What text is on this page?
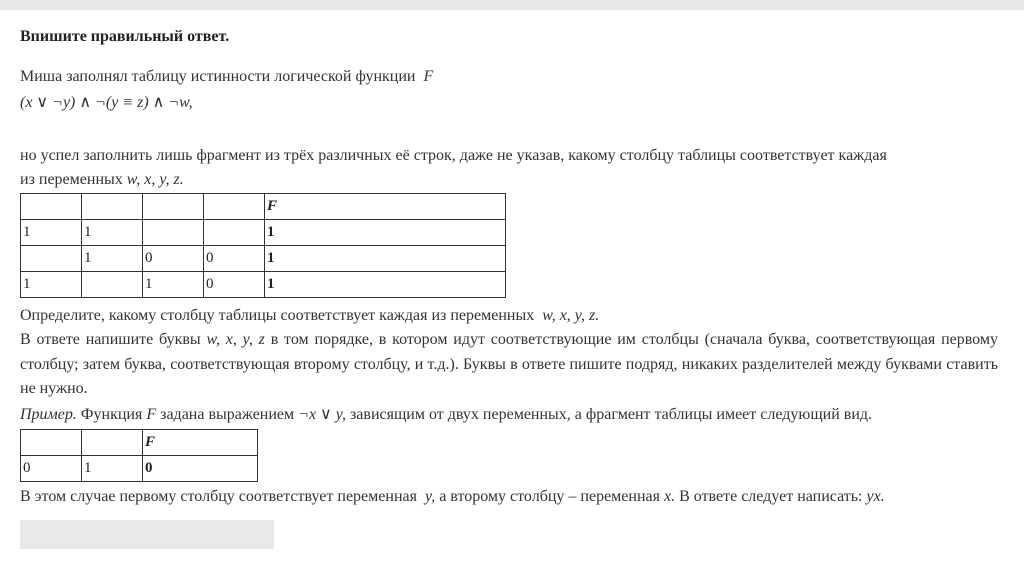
Впишите правильный ответ.
Миша заполнял таблицу истинности логической функции F
(x ∨ ¬y) ∧ ¬(y ≡ z) ∧ ¬w,
но успел заполнить лишь фрагмент из трёх различных её строк, даже не указав, какому столбцу таблицы соответствует каждая
из переменных w, x, y, z.
				F
1	1			1
	1	0	0	1
1		1	0	1
Определите, какому столбцу таблицы соответствует каждая из переменных w, x, y, z.
В ответе напишите буквы w, x, y, z в том порядке, в котором идут соответствующие им столбцы (сначала буква, соответствующая первому столбцу; затем буква, соответствующая второму столбцу, и т.д.). Буквы в ответе пишите подряд, никаких разделителей между буквами ставить не нужно.
Пример. Функция F задана выражением ¬x ∨ y, зависящим от двух переменных, а фрагмент таблицы имеет следующий вид.
		F
0	1	0
В этом случае первому столбцу соответствует переменная y, а второму столбцу – переменная x. В ответе следует написать: yx.
